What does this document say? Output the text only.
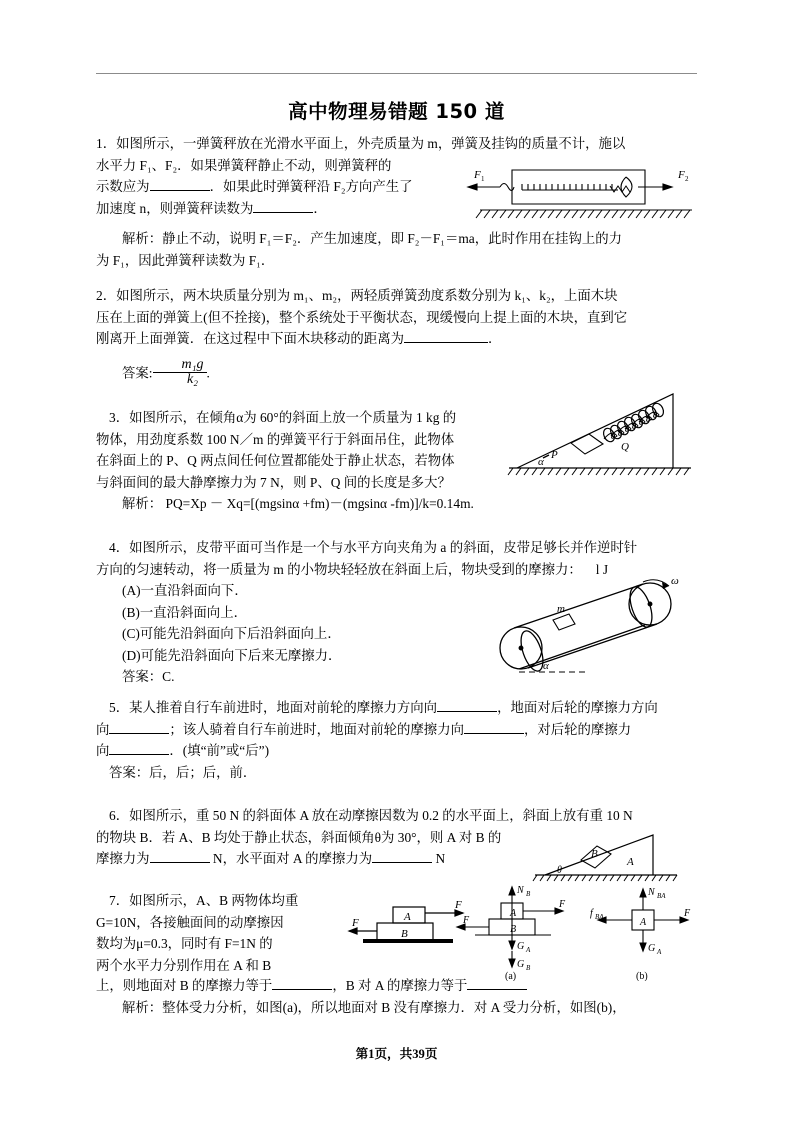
高中物理易错题 150 道

1．如图所示，一弹簧秤放在光滑水平面上，外壳质量为 m，弹簧及挂钩的质量不计，施以

水平力 F₁、F₂．如果弹簧秤静止不动，则弹簧秤的

示数应为	．如果此时弹簧秤沿 F₂方向产生了

加速度 n，则弹簧秤读数为	．

解析：静止不动，说明 F₁＝F₂．产生加速度，即 F₂－F₁＝ma，此时作用在挂钩上的力

为 F₁，因此弹簧秤读数为 F₁．

F 1	F 2

2．如图所示，两木块质量分别为 m₁、m₂，两轻质弹簧劲度系数分别为 k₁、k₂，上面木块

压在上面的弹簧上(但不拴接)，整个系统处于平衡状态，现缓慢向上提上面的木块，直到它

刚离开上面弹簧．在这过程中下面木块移动的距离为	．

答案: $\frac{\text{m₁g}}{\text{k₂}}$ .

3．如图所示，在倾角α为 60°的斜面上放一个质量为 1 kg 的

物体，用劲度系数 100 N／m 的弹簧平行于斜面吊住，此物体

在斜面上的 P、Q 两点间任何位置都能处于静止状态，若物体

与斜面间的最大静摩擦力为 7 N，则 P、Q 间的长度是多大？

解析： PQ=Xp － Xq=[(mgsinα +fm)－(mgsinα -fm)]/k=0.14m.

α
P
Q

4．如图所示，皮带平面可当作是一个与水平方向夹角为 a 的斜面，皮带足够长并作逆时针

方向的匀速转动，将一质量为 m 的小物块轻轻放在斜面上后，物块受到的摩擦力： l J

(A)一直沿斜面向下．

(B)一直沿斜面向上．

(C)可能先沿斜面向下后沿斜面向上．

(D)可能先沿斜面向下后来无摩擦力．

答案：C.

m
ω
α

5．某人推着自行车前进时，地面对前轮的摩擦力方向向	，地面对后轮的摩擦力方向

向	；该人骑着自行车前进时，地面对前轮的摩擦力向	，对后轮的摩擦力

向	．(填“前”或“后”)

答案：后，后；后，前．

6．如图所示，重 50 N 的斜面体 A 放在动摩擦因数为 0.2 的水平面上，斜面上放有重 10 N

的物块 B．若 A、B 均处于静止状态，斜面倾角θ为 30°，则 A 对 B 的

摩擦力为	N，水平面对 A 的摩擦力为	N	B
A
θ

7．如图所示，A、B 两物体均重

G=10N，各接触面间的动摩擦因

数均为μ=0.3，同时有 F=1N 的

两个水平力分别作用在 A 和 B

上，则地面对 B 的摩擦力等于	，B 对 A 的摩擦力等于

解析：整体受力分析，如图(a)，所以地面对 B 没有摩擦力．对 A 受力分析，如图(b)，

A
B
F
F
A
B
N B
G A
G B
F
F
(a)
A
N BA
G A
f BA	F
(b)
第1页，共39页
